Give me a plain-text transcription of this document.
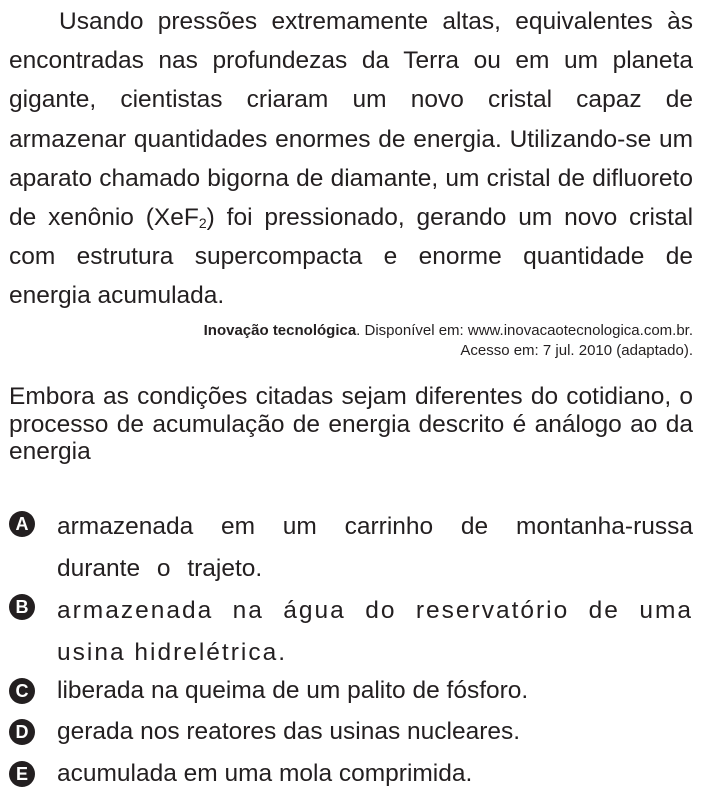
Usando pressões extremamente altas, equivalentes às encontradas nas profundezas da Terra ou em um planeta gigante, cientistas criaram um novo cristal capaz de armazenar quantidades enormes de energia. Utilizando-se um aparato chamado bigorna de diamante, um cristal de difluoreto de xenônio (XeF$_2$) foi pressionado, gerando um novo cristal com estrutura supercompacta e enorme quantidade de energia acumulada.

Inovação tecnológica. Disponível em: www.inovacaotecnologica.com.br.
Acesso em: 7 jul. 2010 (adaptado).

Embora as condições citadas sejam diferentes do cotidiano, o processo de acumulação de energia descrito é análogo ao da energia

A armazenada em um carrinho de montanha-russa durante o trajeto.

B armazenada na água do reservatório de uma usina hidrelétrica.

C liberada na queima de um palito de fósforo.

D gerada nos reatores das usinas nucleares.

E acumulada em uma mola comprimida.
